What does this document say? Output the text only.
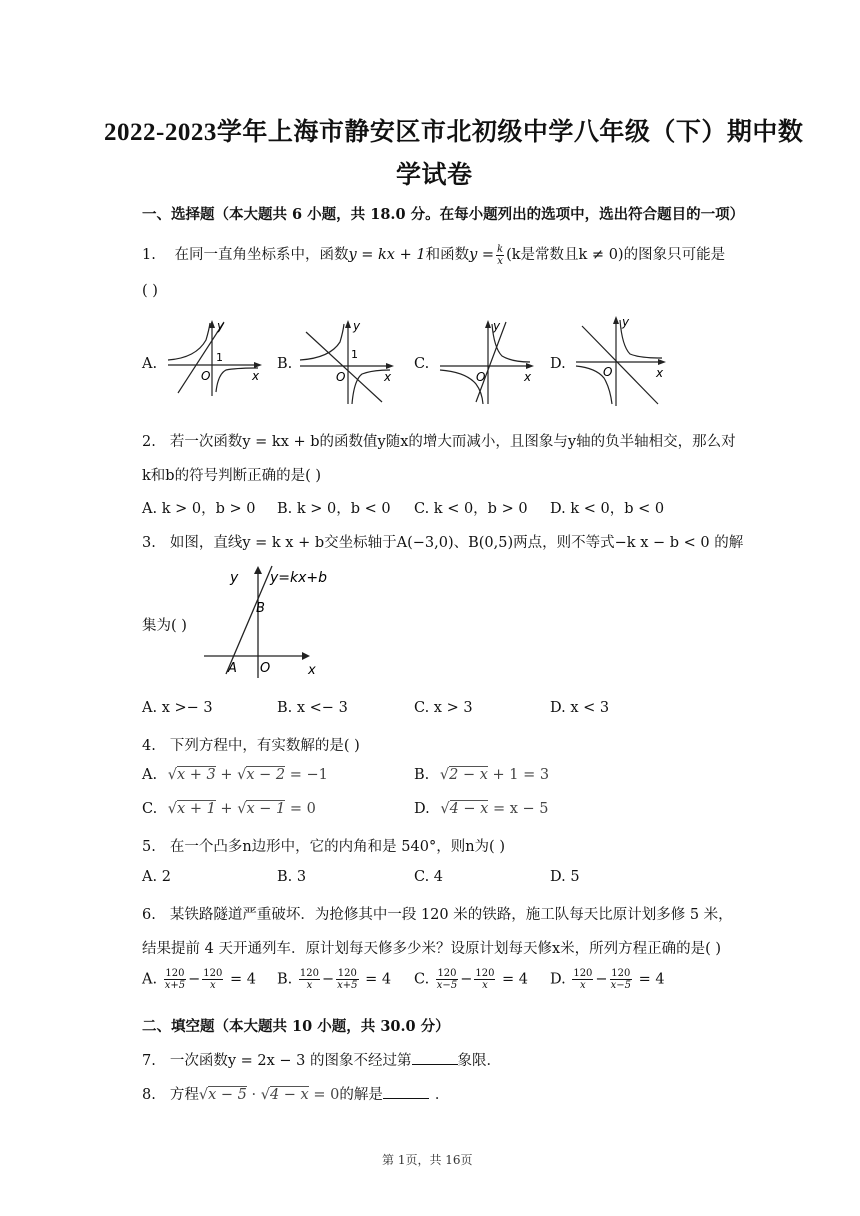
2022-2023学年上海市静安区市北初级中学八年级（下）期中数
学试卷
一、选择题（本大题共 6 小题，共 18.0 分。在每小题列出的选项中，选出符合题目的一项）
1. 在同一直角坐标系中，函数y = kx + 1和函数$y = \frac{k}{x} (k$是常数且k ≠ 0)的图象只可能是
( )
A.	B.	C.	D.
y
x
O
1
y
x
O
1
y
x
O
y
x
O
2. 若一次函数y = kx + b的函数值y随x的增大而减小，且图象与y轴的负半轴相交，那么对
k和b的符号判断正确的是( )
A. k > 0，b > 0 B. k > 0，b < 0 C. k < 0，b > 0 D. k < 0，b < 0
3. 如图，直线y = k x + b交坐标轴于A(−3,0)、B(0,5)两点，则不等式−k x − b < 0 的解
集为( )
y y=kx+b
B
A O	x
A. x >− 3	B. x <− 3	C. x > 3	D. x < 3
4. 下列方程中，有实数解的是( )
A. √x + 3 + √x − 2 = −1	B. √2 − x + 1 = 3
C. √x + 1 + √x − 1 = 0	D. √4 − x = x − 5
5. 在一个凸多n边形中，它的内角和是 540°，则n为( )
A. 2	B. 3	C. 4	D. 5
6. 某铁路隧道严重破坏．为抢修其中一段 120 米的铁路，施工队每天比原计划多修 5 米，
结果提前 4 天开通列车．原计划每天修多少米？设原计划每天修x米，所列方程正确的是( )
A. $\frac{120}{x+5} - \frac{120}{x} = 4$ B. $\frac{120}{x} - \frac{120}{x+5} = 4$ C. $\frac{120}{x-5} - \frac{120}{x} = 4$ D. $\frac{120}{x} - \frac{120}{x-5} = 4$
二、填空题（本大题共 10 小题，共 30.0 分）
7. 一次函数y = 2x − 3 的图象不经过第	象限．
8. 方程√x − 5 · √4 − x = 0的解是	．
第 1页，共 16页
